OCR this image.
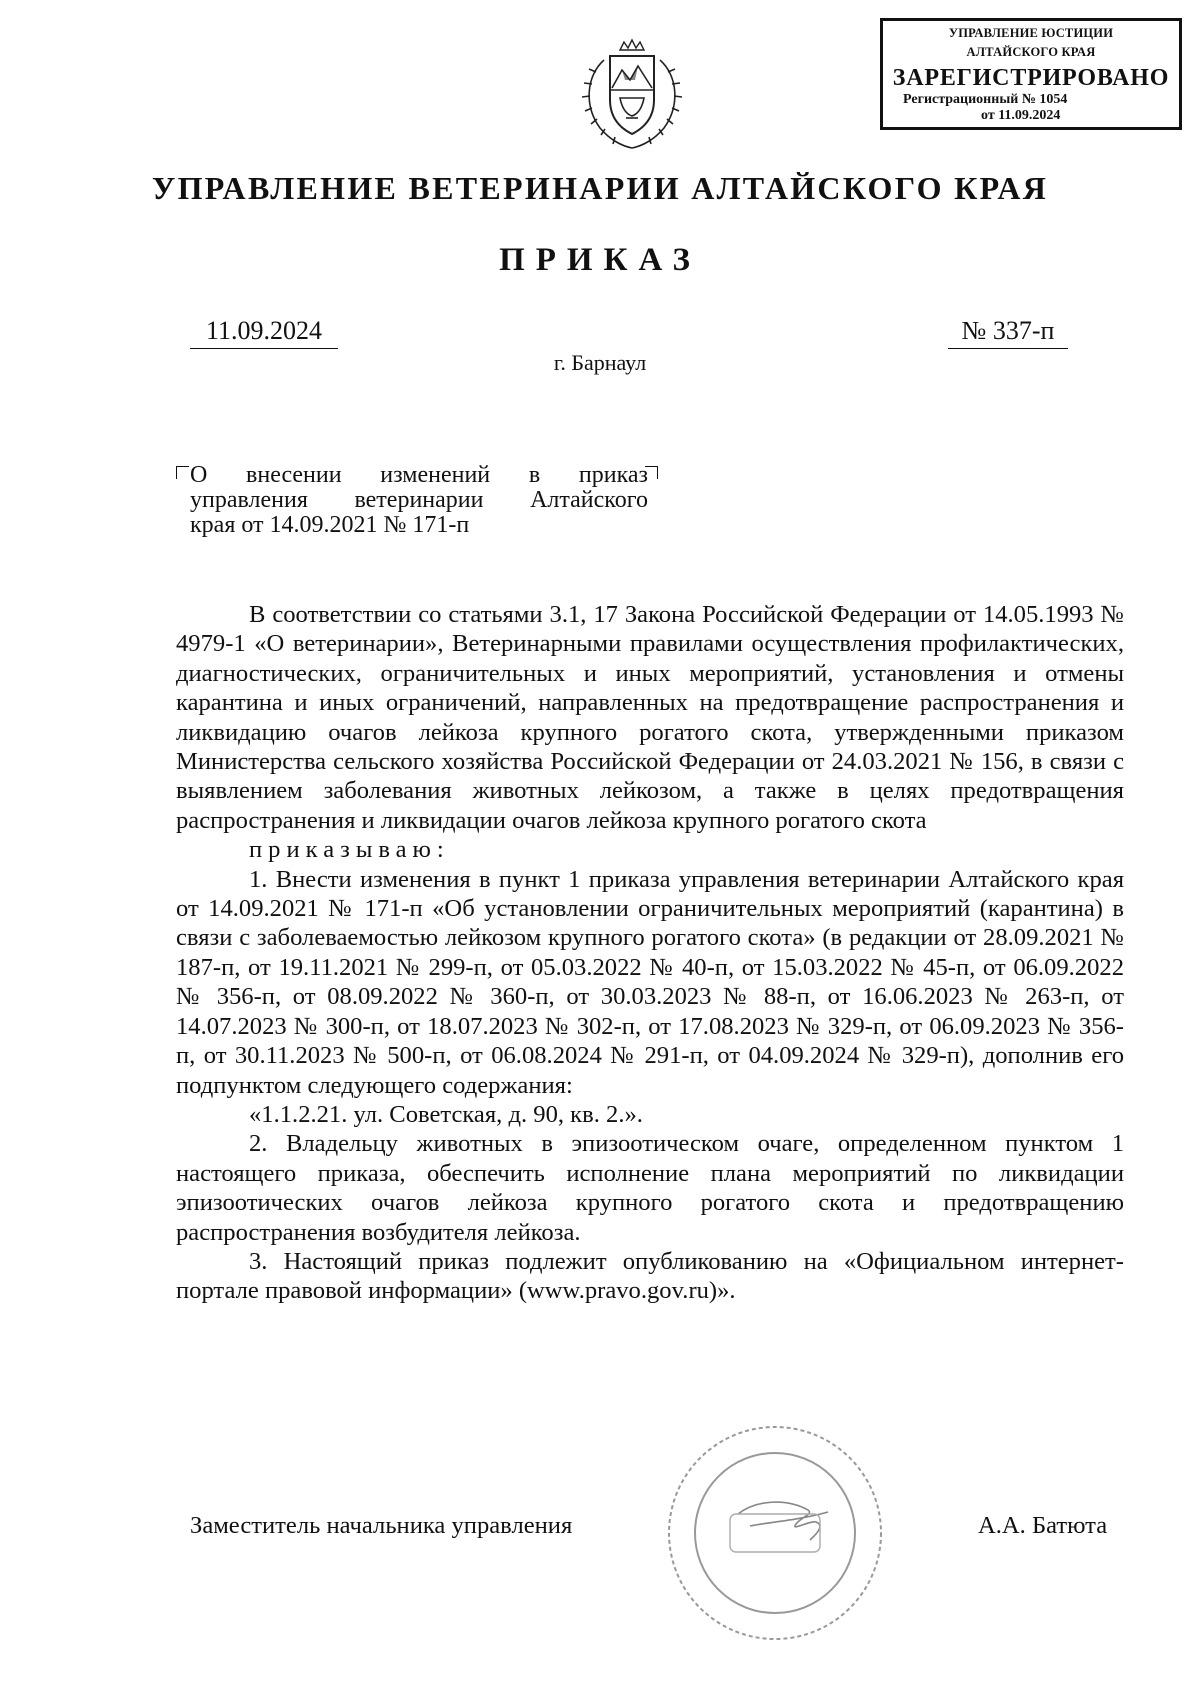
УПРАВЛЕНИЕ ЮСТИЦИИ
АЛТАЙСКОГО КРАЯ
ЗАРЕГИСТРИРОВАНО
Регистрационный № 1054
от 11.09.2024
УПРАВЛЕНИЕ ВЕТЕРИНАРИИ АЛТАЙСКОГО КРАЯ
ПРИКАЗ
11.09.2024	№ 337-п
г. Барнаул
О внесении изменений в приказ
управления ветеринарии Алтайского
края от 14.09.2021 № 171-п

В соответствии со статьями 3.1, 17 Закона Российской Федерации от 14.05.1993 № 4979-1 «О ветеринарии», Ветеринарными правилами осуществления профилактических, диагностических, ограничительных и иных мероприятий, установления и отмены карантина и иных ограничений, направленных на предотвращение распространения и ликвидацию очагов лейкоза крупного рогатого скота, утвержденными приказом Министерства сельского хозяйства Российской Федерации от 24.03.2021 № 156, в связи с выявлением заболевания животных лейкозом, а также в целях предотвращения распространения и ликвидации очагов лейкоза крупного рогатого скота
приказываю:

1. Внести изменения в пункт 1 приказа управления ветеринарии Алтайского края от 14.09.2021 № 171-п «Об установлении ограничительных мероприятий (карантина) в связи с заболеваемостью лейкозом крупного рогатого скота» (в редакции от 28.09.2021 № 187-п, от 19.11.2021 № 299-п, от 05.03.2022 № 40-п, от 15.03.2022 № 45-п, от 06.09.2022 № 356-п, от 08.09.2022 № 360-п, от 30.03.2023 № 88-п, от 16.06.2023 № 263-п, от 14.07.2023 № 300-п, от 18.07.2023 № 302-п, от 17.08.2023 № 329-п, от 06.09.2023 № 356-п, от 30.11.2023 № 500-п, от 06.08.2024 № 291-п, от 04.09.2024 № 329-п), дополнив его подпунктом следующего содержания:

«1.1.2.21. ул. Советская, д. 90, кв. 2.».

2. Владельцу животных в эпизоотическом очаге, определенном пунктом 1 настоящего приказа, обеспечить исполнение плана мероприятий по ликвидации эпизоотических очагов лейкоза крупного рогатого скота и предотвращению распространения возбудителя лейкоза.

3. Настоящий приказ подлежит опубликованию на «Официальном интернет-портале правовой информации» (www.pravo.gov.ru)».

Заместитель начальника управления	А.А. Батюта
